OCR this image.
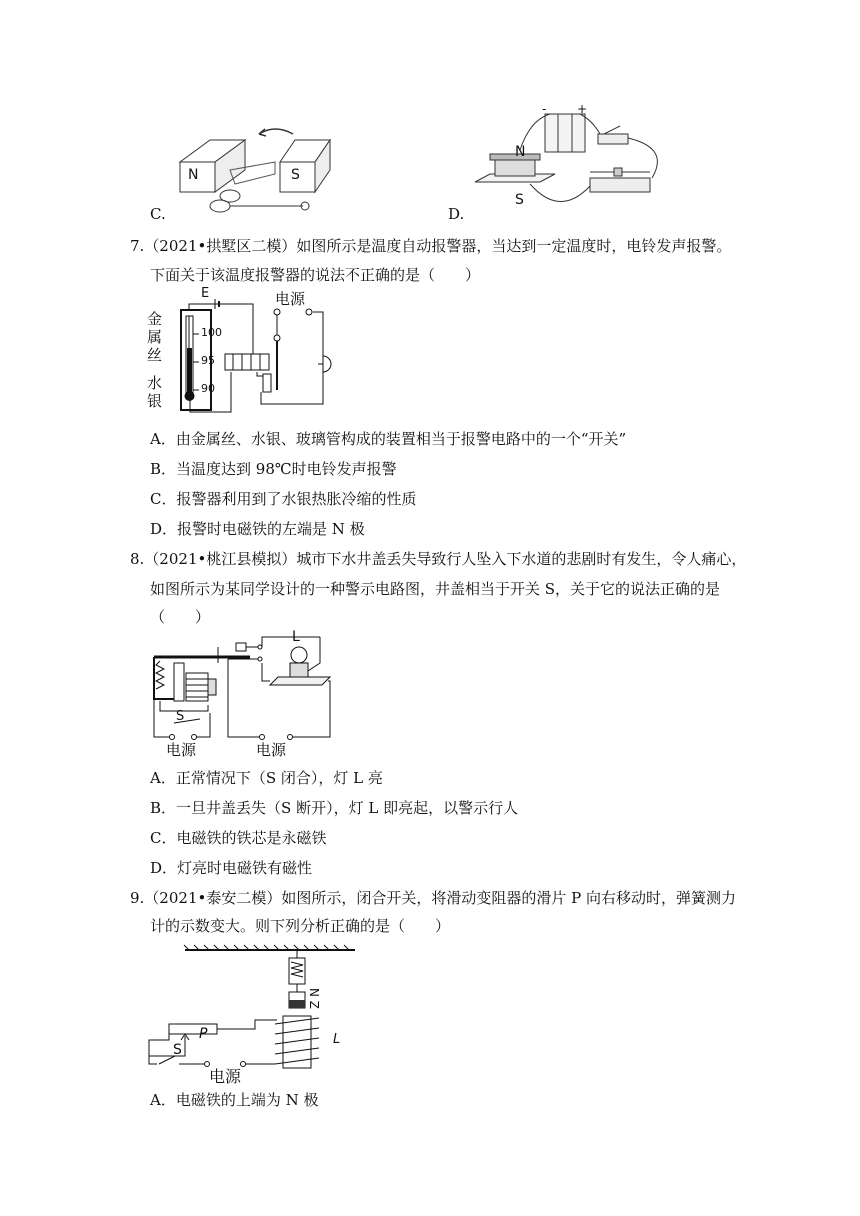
N	S
C.
-	+
N
S
D.
7.（2021•拱墅区二模）如图所示是温度自动报警器，当达到一定温度时，电铃发声报警。
下面关于该温度报警器的说法不正确的是（　　）
E	电源
金
属
丝
水
银
100
95
90
A．由金属丝、水银、玻璃管构成的装置相当于报警电路中的一个“开关”
B．当温度达到 98℃时电铃发声报警
C．报警器利用到了水银热胀冷缩的性质
D．报警时电磁铁的左端是 N 极
8.（2021•桃江县模拟）城市下水井盖丢失导致行人坠入下水道的悲剧时有发生，令人痛心，
如图所示为某同学设计的一种警示电路图，井盖相当于开关 S，关于它的说法正确的是
（　　）
L
S
电源	电源
A．正常情况下（S 闭合），灯 L 亮
B．一旦井盖丢失（S 断开），灯 L 即亮起，以警示行人
C．电磁铁的铁芯是永磁铁
D．灯亮时电磁铁有磁性
9.（2021•泰安二模）如图所示，闭合开关，将滑动变阻器的滑片 P 向右移动时，弹簧测力
计的示数变大。则下列分析正确的是（　　）
P
S
电源
N Z
L
A．电磁铁的上端为 N 极
